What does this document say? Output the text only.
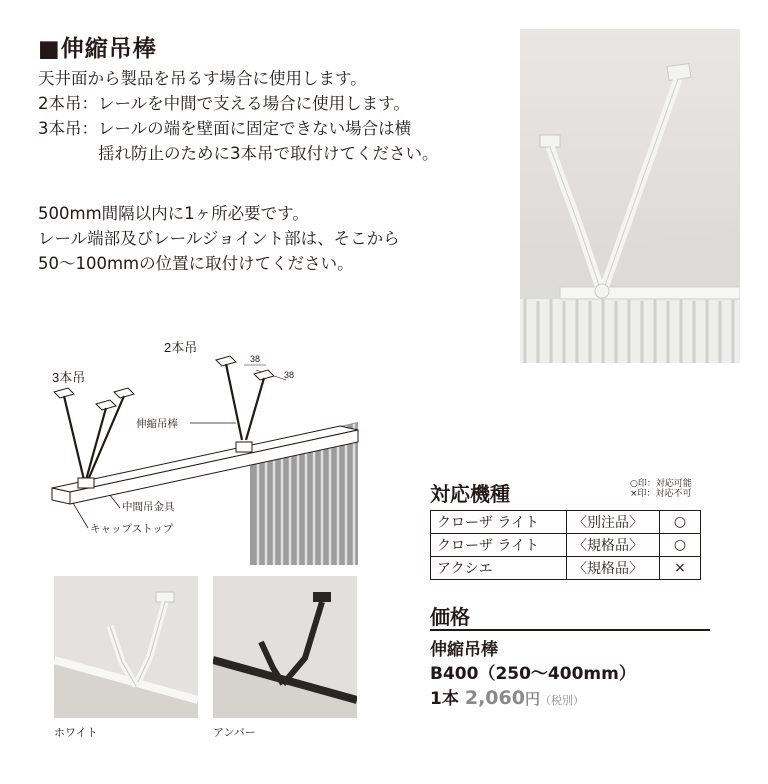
■伸縮吊棒
天井面から製品を吊るす場合に使用します。
2本吊：レールを中間で支える場合に使用します。
3本吊：レールの端を壁面に固定できない場合は横
揺れ防止のために3本吊で取付けてください。
500mm間隔以内に1ヶ所必要です。
レール端部及びレールジョイント部は、そこから
50～100mmの位置に取付けてください。
2本吊
3本吊
38
38
伸縮吊棒
中間吊金具
キャップストップ
ホワイト	アンバー
対応機種	○印：対応可能
×印：対応不可
クローザ ライト	〈別注品〉	○
クローザ ライト	〈規格品〉	○
アクシエ	〈規格品〉	×
価格
伸縮吊棒
B400（250～400mm）
1本 2,060円（税別）
